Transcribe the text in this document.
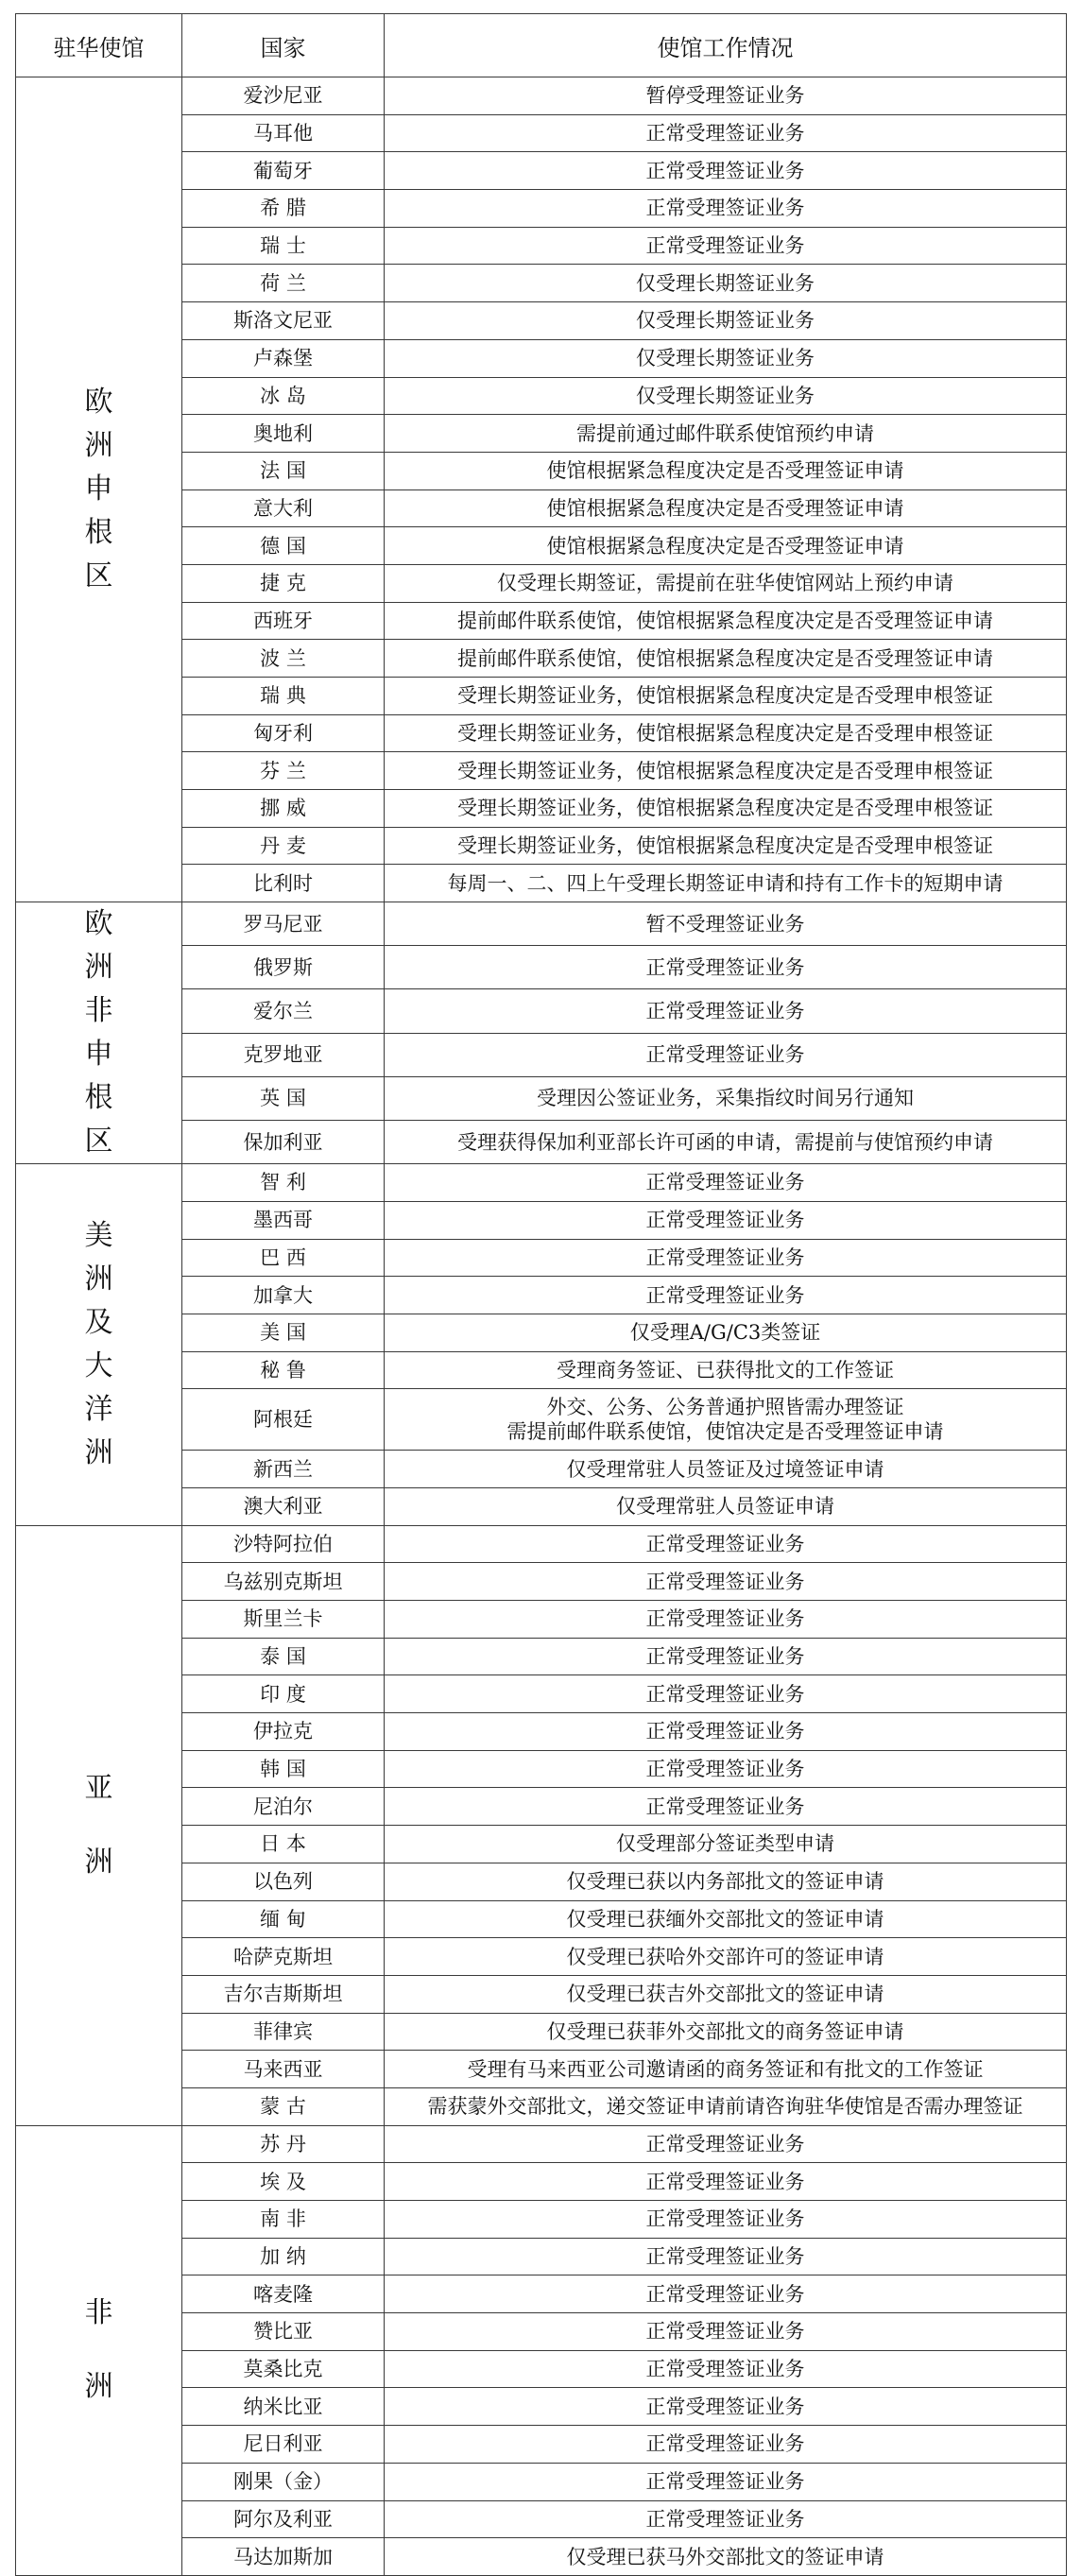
驻华使馆	国家	使馆工作情况

欧洲申根区	爱沙尼亚	暂停受理签证业务
	马耳他	正常受理签证业务
	葡萄牙	正常受理签证业务
	希 腊	正常受理签证业务
	瑞 士	正常受理签证业务
	荷 兰	仅受理长期签证业务
	斯洛文尼亚	仅受理长期签证业务
	卢森堡	仅受理长期签证业务
	冰 岛	仅受理长期签证业务
	奥地利	需提前通过邮件联系使馆预约申请
	法 国	使馆根据紧急程度决定是否受理签证申请
	意大利	使馆根据紧急程度决定是否受理签证申请
	德 国	使馆根据紧急程度决定是否受理签证申请
	捷 克	仅受理长期签证，需提前在驻华使馆网站上预约申请
	西班牙	提前邮件联系使馆，使馆根据紧急程度决定是否受理签证申请
	波 兰	提前邮件联系使馆，使馆根据紧急程度决定是否受理签证申请
	瑞 典	受理长期签证业务，使馆根据紧急程度决定是否受理申根签证
	匈牙利	受理长期签证业务，使馆根据紧急程度决定是否受理申根签证
	芬 兰	受理长期签证业务，使馆根据紧急程度决定是否受理申根签证
	挪 威	受理长期签证业务，使馆根据紧急程度决定是否受理申根签证
	丹 麦	受理长期签证业务，使馆根据紧急程度决定是否受理申根签证
	比利时	每周一、二、四上午受理长期签证申请和持有工作卡的短期申请

欧洲非申根区	罗马尼亚	暂不受理签证业务
	俄罗斯	正常受理签证业务
	爱尔兰	正常受理签证业务
	克罗地亚	正常受理签证业务
	英 国	受理因公签证业务，采集指纹时间另行通知
	保加利亚	受理获得保加利亚部长许可函的申请，需提前与使馆预约申请

美洲及大洋洲	智 利	正常受理签证业务
	墨西哥	正常受理签证业务
	巴 西	正常受理签证业务
	加拿大	正常受理签证业务
	美 国	仅受理A/G/C3类签证
	秘 鲁	受理商务签证、已获得批文的工作签证
	阿根廷	外交、公务、公务普通护照皆需办理签证
需提前邮件联系使馆，使馆决定是否受理签证申请
	新西兰	仅受理常驻人员签证及过境签证申请
	澳大利亚	仅受理常驻人员签证申请

亚洲	沙特阿拉伯	正常受理签证业务
	乌兹别克斯坦	正常受理签证业务
	斯里兰卡	正常受理签证业务
	泰 国	正常受理签证业务
	印 度	正常受理签证业务
	伊拉克	正常受理签证业务
	韩 国	正常受理签证业务
	尼泊尔	正常受理签证业务
	日 本	仅受理部分签证类型申请
	以色列	仅受理已获以内务部批文的签证申请
	缅 甸	仅受理已获缅外交部批文的签证申请
	哈萨克斯坦	仅受理已获哈外交部许可的签证申请
	吉尔吉斯斯坦	仅受理已获吉外交部批文的签证申请
	菲律宾	仅受理已获菲外交部批文的商务签证申请
	马来西亚	受理有马来西亚公司邀请函的商务签证和有批文的工作签证
	蒙 古	需获蒙外交部批文，递交签证申请前请咨询驻华使馆是否需办理签证

非洲	苏 丹	正常受理签证业务
	埃 及	正常受理签证业务
	南 非	正常受理签证业务
	加 纳	正常受理签证业务
	喀麦隆	正常受理签证业务
	赞比亚	正常受理签证业务
	莫桑比克	正常受理签证业务
	纳米比亚	正常受理签证业务
	尼日利亚	正常受理签证业务
	刚果（金）	正常受理签证业务
	阿尔及利亚	正常受理签证业务
	马达加斯加	仅受理已获马外交部批文的签证申请
